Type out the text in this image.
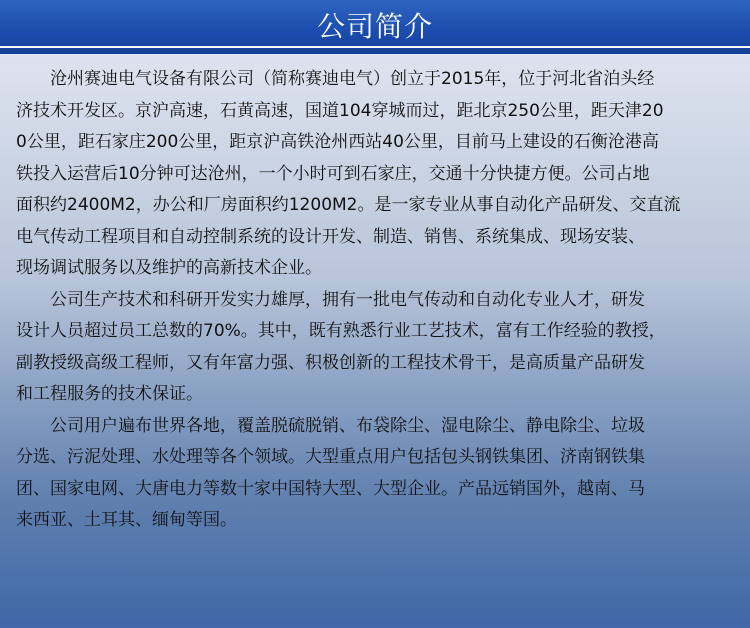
公司简介
沧州赛迪电气设备有限公司（简称赛迪电气）创立于2015年，位于河北省泊头经
济技术开发区。京沪高速，石黄高速，国道104穿城而过，距北京250公里，距天津20
0公里，距石家庄200公里，距京沪高铁沧州西站40公里，目前马上建设的石衡沧港高
铁投入运营后10分钟可达沧州，一个小时可到石家庄，交通十分快捷方便。公司占地
面积约2400M2，办公和厂房面积约1200M2。是一家专业从事自动化产品研发、交直流
电气传动工程项目和自动控制系统的设计开发、制造、销售、系统集成、现场安装、
现场调试服务以及维护的高新技术企业。
公司生产技术和科研开发实力雄厚，拥有一批电气传动和自动化专业人才，研发
设计人员超过员工总数的70%。其中，既有熟悉行业工艺技术，富有工作经验的教授，
副教授级高级工程师，又有年富力强、积极创新的工程技术骨干，是高质量产品研发
和工程服务的技术保证。
公司用户遍布世界各地，覆盖脱硫脱销、布袋除尘、湿电除尘、静电除尘、垃圾
分选、污泥处理、水处理等各个领域。大型重点用户包括包头钢铁集团、济南钢铁集
团、国家电网、大唐电力等数十家中国特大型、大型企业。产品远销国外，越南、马
来西亚、土耳其、缅甸等国。
